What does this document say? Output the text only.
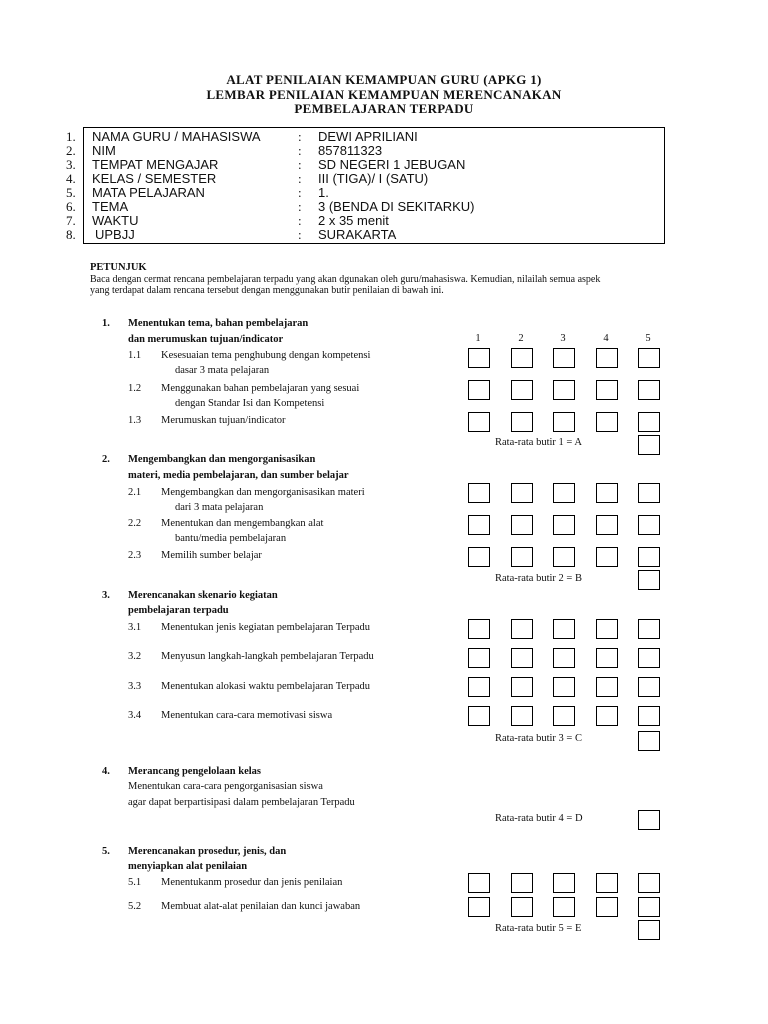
ALAT PENILAIAN KEMAMPUAN GURU (APKG 1)
LEMBAR PENILAIAN KEMAMPUAN MERENCANAKAN
PEMBELAJARAN TERPADU
1. NAMA GURU / MAHASISWA	: DEWI APRILIANI
2. NIM	: 857811323
3. TEMPAT MENGAJAR	: SD NEGERI 1 JEBUGAN
4. KELAS / SEMESTER	: III (TIGA)/ I (SATU)
5. MATA PELAJARAN	: 1.
6. TEMA	: 3 (BENDA DI SEKITARKU)
7. WAKTU	: 2 x 35 menit
8. UPBJJ	: SURAKARTA
PETUNJUK
Baca dengan cermat rencana pembelajaran terpadu yang akan dgunakan oleh guru/mahasiswa. Kemudian, nilailah semua aspek
yang terdapat dalam rencana tersebut dengan menggunakan butir penilaian di bawah ini.
1. Menentukan tema, bahan pembelajaran
dan merumuskan tujuan/indicator	1	2	3	4	5
1.1 Kesesuaian tema penghubung dengan kompetensi
dasar 3 mata pelajaran
1.2 Menggunakan bahan pembelajaran yang sesuai
dengan Standar Isi dan Kompetensi
1.3 Merumuskan tujuan/indicator
Rata-rata butir 1 = A
2. Mengembangkan dan mengorganisasikan
materi, media pembelajaran, dan sumber belajar
2.1 Mengembangkan dan mengorganisasikan materi
dari 3 mata pelajaran
2.2 Menentukan dan mengembangkan alat
bantu/media pembelajaran
2.3 Memilih sumber belajar
Rata-rata butir 2 = B
3. Merencanakan skenario kegiatan
pembelajaran terpadu
3.1 Menentukan jenis kegiatan pembelajaran Terpadu
3.2 Menyusun langkah-langkah pembelajaran Terpadu
3.3 Menentukan alokasi waktu pembelajaran Terpadu
3.4 Menentukan cara-cara memotivasi siswa
Rata-rata butir 3 = C
4. Merancang pengelolaan kelas
Menentukan cara-cara pengorganisasian siswa
agar dapat berpartisipasi dalam pembelajaran Terpadu
Rata-rata butir 4 = D
5. Merencanakan prosedur, jenis, dan
menyiapkan alat penilaian
5.1 Menentukanm prosedur dan jenis penilaian
5.2 Membuat alat-alat penilaian dan kunci jawaban
Rata-rata butir 5 = E
